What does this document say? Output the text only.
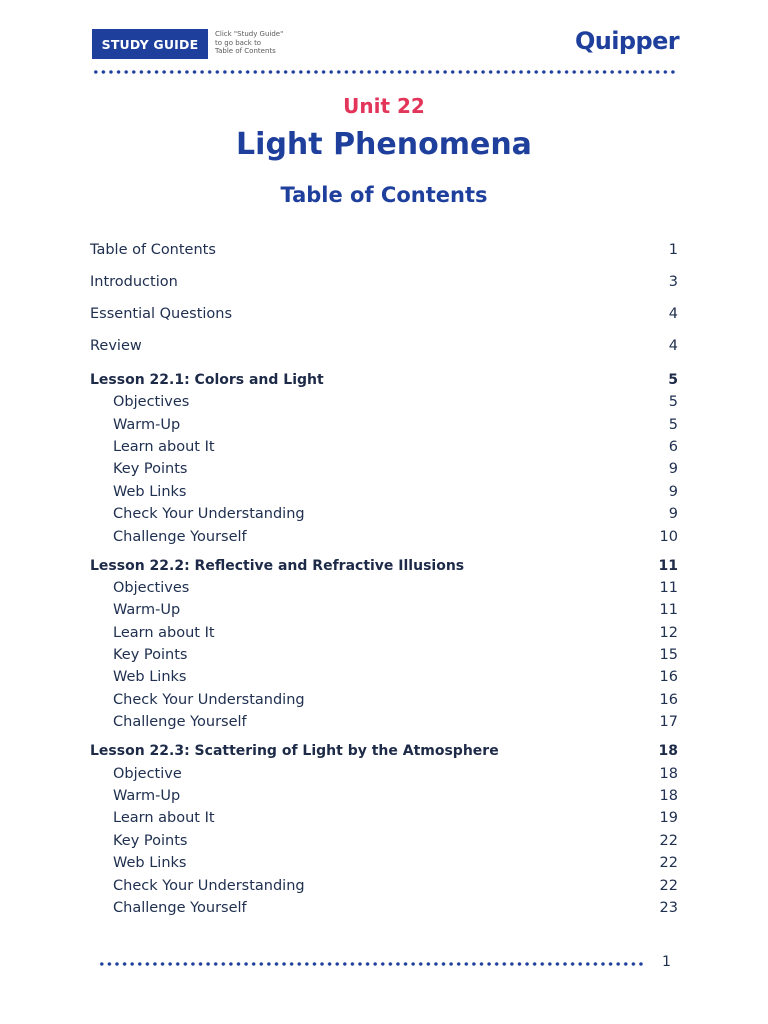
STUDY GUIDE
Click "Study Guide"
to go back to
Table of Contents	Quipper
Unit 22
Light Phenomena
Table of Contents
Table of Contents	1
Introduction	3
Essential Questions	4
Review	4
Lesson 22.1: Colors and Light	5
Objectives	5
Warm-Up	5
Learn about It	6
Key Points	9
Web Links	9
Check Your Understanding	9
Challenge Yourself	10
Lesson 22.2: Reflective and Refractive Illusions	11
Objectives	11
Warm-Up	11
Learn about It	12
Key Points	15
Web Links	16
Check Your Understanding	16
Challenge Yourself	17
Lesson 22.3: Scattering of Light by the Atmosphere	18
Objective	18
Warm-Up	18
Learn about It	19
Key Points	22
Web Links	22
Check Your Understanding	22
Challenge Yourself	23
1
